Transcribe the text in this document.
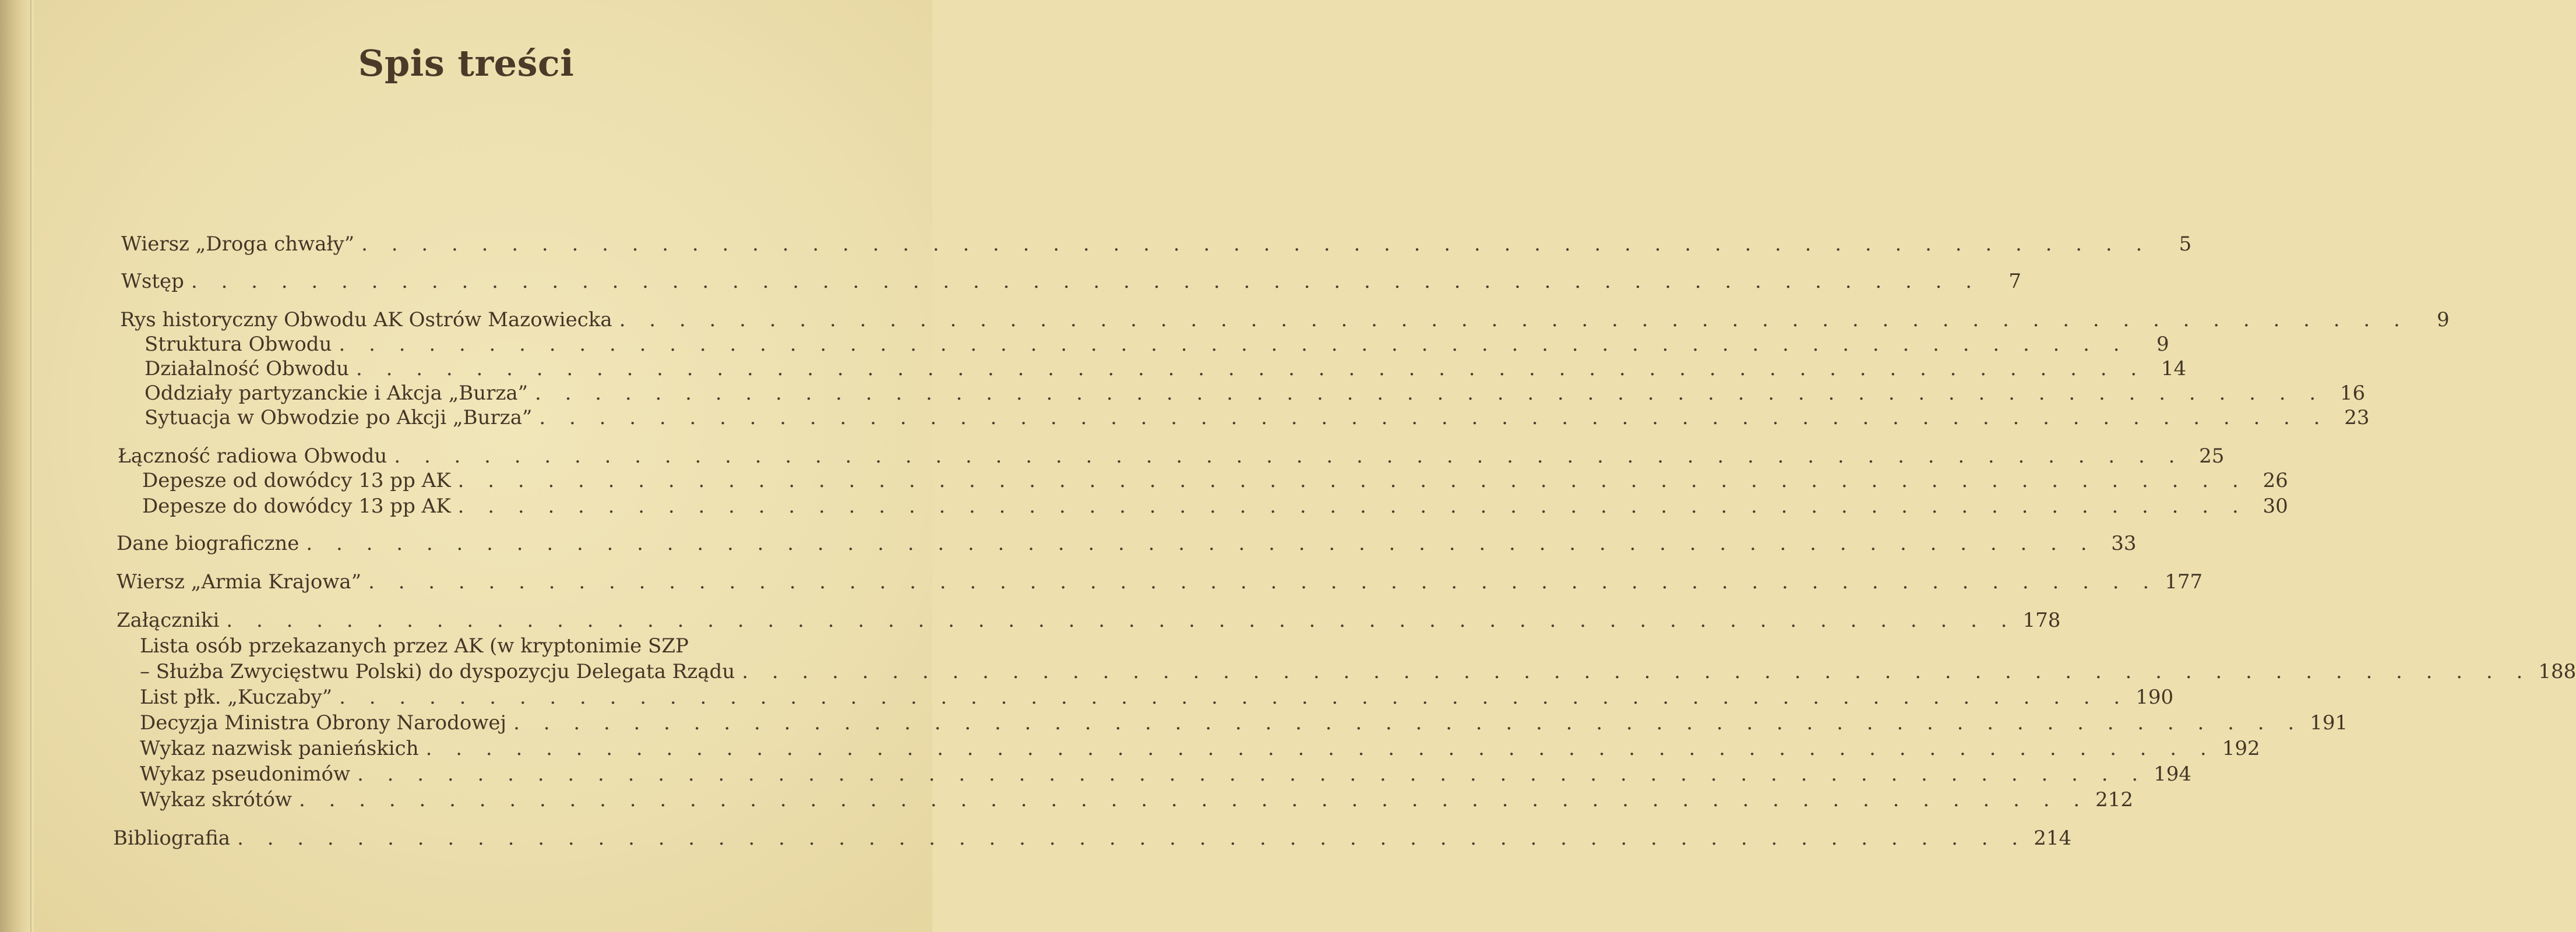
Spis treści
Wiersz „Droga chwały” . . . . . . . . . . . . . . . . . . . . . . . . . . . . . . . . . . . . . . . . . . . . . . . . . . . . . . . . . . . .	5
Wstęp . . . . . . . . . . . . . . . . . . . . . . . . . . . . . . . . . . . . . . . . . . . . . . . . . . . . . . . . . . . .	7
Rys historyczny Obwodu AK Ostrów Mazowiecka . . . . . . . . . . . . . . . . . . . . . . . . . . . . . . . . . . . . . . . . . . . . . . . . . . . . . . . . . . . .	9
Struktura Obwodu . . . . . . . . . . . . . . . . . . . . . . . . . . . . . . . . . . . . . . . . . . . . . . . . . . . . . . . . . . . .	9
Działalność Obwodu . . . . . . . . . . . . . . . . . . . . . . . . . . . . . . . . . . . . . . . . . . . . . . . . . . . . . . . . . . . . 14
Oddziały partyzanckie i Akcja „Burza” . . . . . . . . . . . . . . . . . . . . . . . . . . . . . . . . . . . . . . . . . . . . . . . . . . . . . . . . . . . . 16
Sytuacja w Obwodzie po Akcji „Burza” . . . . . . . . . . . . . . . . . . . . . . . . . . . . . . . . . . . . . . . . . . . . . . . . . . . . . . . . . . . . 23
Łączność radiowa Obwodu . . . . . . . . . . . . . . . . . . . . . . . . . . . . . . . . . . . . . . . . . . . . . . . . . . . . . . . . . . . . 25
Depesze od dowódcy 13 pp AK . . . . . . . . . . . . . . . . . . . . . . . . . . . . . . . . . . . . . . . . . . . . . . . . . . . . . . . . . . . . 26
Depesze do dowódcy 13 pp AK . . . . . . . . . . . . . . . . . . . . . . . . . . . . . . . . . . . . . . . . . . . . . . . . . . . . . . . . . . . . 30
Dane biograficzne . . . . . . . . . . . . . . . . . . . . . . . . . . . . . . . . . . . . . . . . . . . . . . . . . . . . . . . . . . . . 33
Wiersz „Armia Krajowa” . . . . . . . . . . . . . . . . . . . . . . . . . . . . . . . . . . . . . . . . . . . . . . . . . . . . . . . . . . . . 177
Załączniki . . . . . . . . . . . . . . . . . . . . . . . . . . . . . . . . . . . . . . . . . . . . . . . . . . . . . . . . . . . . 178
Lista osób przekazanych przez AK (w kryptonimie SZP
– Służba Zwycięstwu Polski) do dyspozycju Delegata Rządu . . . . . . . . . . . . . . . . . . . . . . . . . . . . . . . . . . . . . . . . . . . . . . . . . . . . . . . . . . . . 188
List płk. „Kuczaby” . . . . . . . . . . . . . . . . . . . . . . . . . . . . . . . . . . . . . . . . . . . . . . . . . . . . . . . . . . . . 190
Decyzja Ministra Obrony Narodowej . . . . . . . . . . . . . . . . . . . . . . . . . . . . . . . . . . . . . . . . . . . . . . . . . . . . . . . . . . . . 191
Wykaz nazwisk panieńskich . . . . . . . . . . . . . . . . . . . . . . . . . . . . . . . . . . . . . . . . . . . . . . . . . . . . . . . . . . . . 192
Wykaz pseudonimów . . . . . . . . . . . . . . . . . . . . . . . . . . . . . . . . . . . . . . . . . . . . . . . . . . . . . . . . . . . . 194
Wykaz skrótów . . . . . . . . . . . . . . . . . . . . . . . . . . . . . . . . . . . . . . . . . . . . . . . . . . . . . . . . . . . . 212
Bibliografia . . . . . . . . . . . . . . . . . . . . . . . . . . . . . . . . . . . . . . . . . . . . . . . . . . . . . . . . . . . . 214
